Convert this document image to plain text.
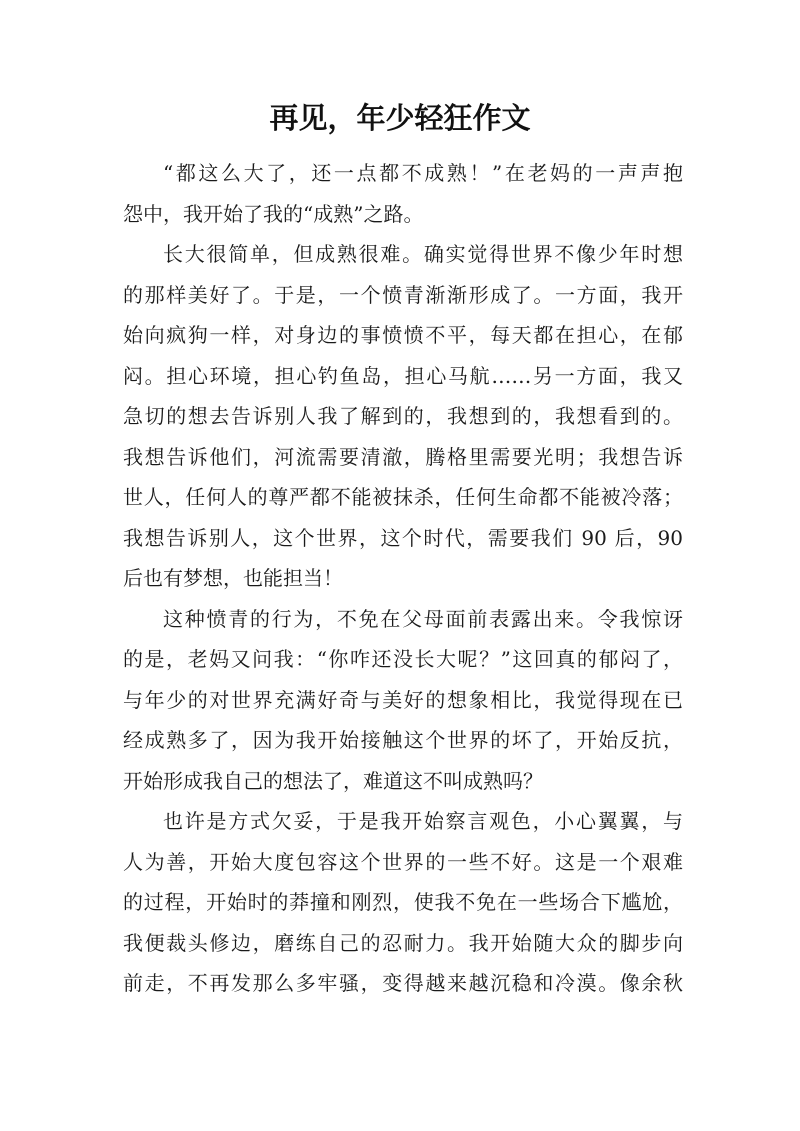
再见，年少轻狂作文
“都这么大了，还一点都不成熟！”在老妈的一声声抱
怨中，我开始了我的“成熟”之路。
长大很简单，但成熟很难。确实觉得世界不像少年时想
的那样美好了。于是，一个愤青渐渐形成了。一方面，我开
始向疯狗一样，对身边的事愤愤不平，每天都在担心，在郁
闷。担心环境，担心钓鱼岛，担心马航……另一方面，我又
急切的想去告诉别人我了解到的，我想到的，我想看到的。
我想告诉他们，河流需要清澈，腾格里需要光明；我想告诉
世人，任何人的尊严都不能被抹杀，任何生命都不能被冷落；
我想告诉别人，这个世界，这个时代，需要我们 90 后，90
后也有梦想，也能担当！
这种愤青的行为，不免在父母面前表露出来。令我惊讶
的是，老妈又问我：“你咋还没长大呢？”这回真的郁闷了，
与年少的对世界充满好奇与美好的想象相比，我觉得现在已
经成熟多了，因为我开始接触这个世界的坏了，开始反抗，
开始形成我自己的想法了，难道这不叫成熟吗？
也许是方式欠妥，于是我开始察言观色，小心翼翼，与
人为善，开始大度包容这个世界的一些不好。这是一个艰难
的过程，开始时的莽撞和刚烈，使我不免在一些场合下尴尬，
我便裁头修边，磨练自己的忍耐力。我开始随大众的脚步向
前走，不再发那么多牢骚，变得越来越沉稳和冷漠。像余秋
